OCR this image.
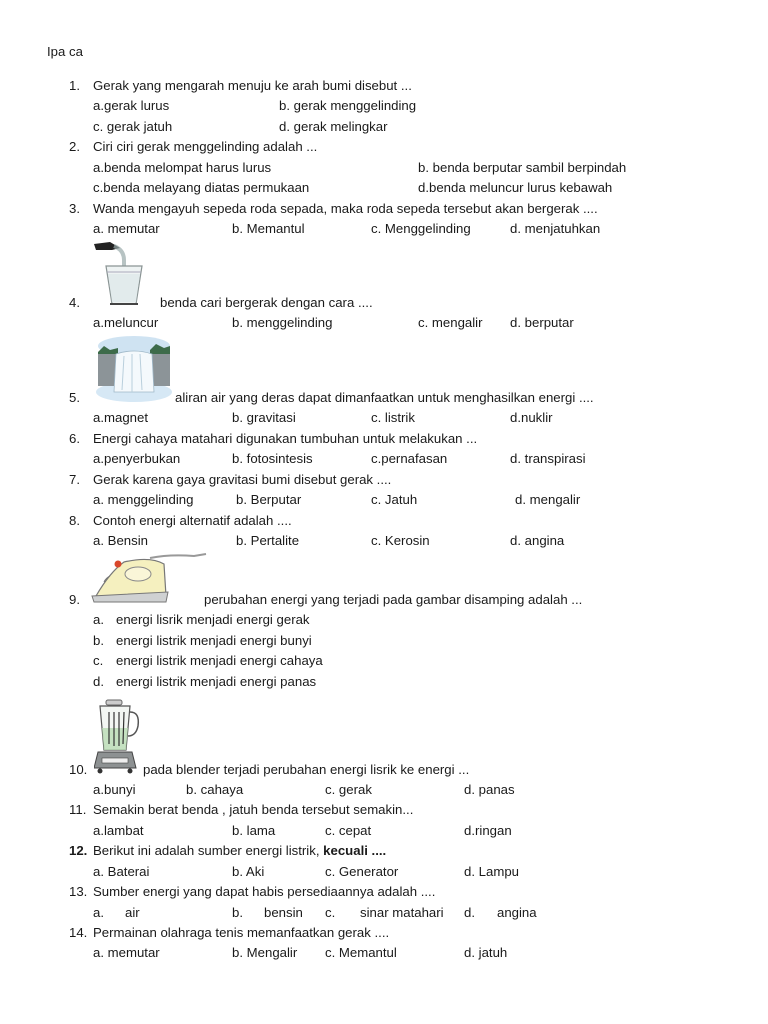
Ipa ca
1. Gerak yang mengarah menuju ke arah bumi disebut ...
a.gerak lurus	b. gerak menggelinding
c. gerak jatuh	d. gerak melingkar
2. Ciri ciri gerak menggelinding adalah ...
a.benda melompat harus lurus	b. benda berputar sambil berpindah
c.benda melayang diatas permukaan	d.benda meluncur lurus kebawah
3. Wanda mengayuh sepeda roda sepada, maka roda sepeda tersebut akan bergerak ....
a. memutar	b. Memantul	c. Menggelinding	d. menjatuhkan
4.	benda cari bergerak dengan cara ....
a.meluncur	b. menggelinding	c. mengalir d. berputar
5.	aliran air yang deras dapat dimanfaatkan untuk menghasilkan energi ....
a.magnet	b. gravitasi	c. listrik	d.nuklir
6. Energi cahaya matahari digunakan tumbuhan untuk melakukan ...
a.penyerbukan	b. fotosintesis	c.pernafasan	d. transpirasi
7. Gerak karena gaya gravitasi bumi disebut gerak ....
a. menggelinding	b. Berputar	c. Jatuh	d. mengalir
8. Contoh energi alternatif adalah ....
a. Bensin	b. Pertalite	c. Kerosin	d. angina
9.	perubahan energi yang terjadi pada gambar disamping adalah ...
a. energi lisrik menjadi energi gerak
b. energi listrik menjadi energi bunyi
c. energi listrik menjadi energi cahaya
d. energi listrik menjadi energi panas
10.	pada blender terjadi perubahan energi lisrik ke energi ...
a.bunyi	b. cahaya	c. gerak	d. panas
11. Semakin berat benda , jatuh benda tersebut semakin...
a.lambat	b. lama	c. cepat	d.ringan
12. Berikut ini adalah sumber energi listrik, kecuali ....
a. Baterai	b. Aki	c. Generator	d. Lampu
13. Sumber energi yang dapat habis persediaannya adalah ....
a. air	b. bensin c. sinar matahari d. angina
14. Permainan olahraga tenis memanfaatkan gerak ....
a. memutar	b. Mengalir c. Memantul	d. jatuh
